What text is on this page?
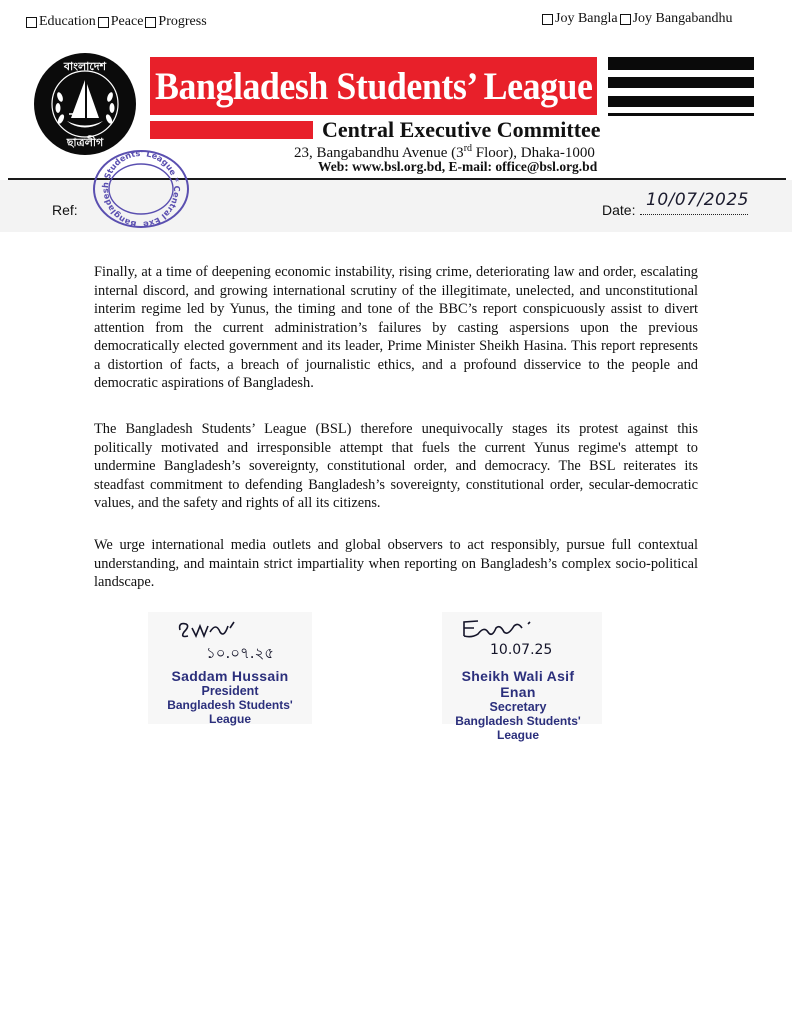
Education Peace Progress	Joy Bangla Joy Bangabandhu
বাংলাদেশ
ছাত্রলীগ
Bangladesh Students’ League
Central Executive Committee
23, Bangabandhu Avenue (3rd Floor), Dhaka-1000
Web: www.bsl.org.bd, E-mail: office@bsl.org.bd
Bangladesh Students' League * Central Exe
Ref:	Date: 10/07/2025

Finally, at a time of deepening economic instability, rising crime, deteriorating law and order, escalating internal discord, and growing international scrutiny of the illegitimate, unelected, and unconstitutional interim regime led by Yunus, the timing and tone of the BBC’s report conspicuously assist to divert attention from the current administration’s failures by casting aspersions upon the previous democratically elected government and its leader, Prime Minister Sheikh Hasina. This report represents a distortion of facts, a breach of journalistic ethics, and a profound disservice to the people and democratic aspirations of Bangladesh.

The Bangladesh Students’ League (BSL) therefore unequivocally stages its protest against this politically motivated and irresponsible attempt that fuels the current Yunus regime's attempt to undermine Bangladesh’s sovereignty, constitutional order, and democracy. The BSL reiterates its steadfast commitment to defending Bangladesh’s sovereignty, constitutional order, secular-democratic values, and the safety and rights of all its citizens.

We urge international media outlets and global observers to act responsibly, pursue full contextual understanding, and maintain strict impartiality when reporting on Bangladesh’s complex socio-political landscape.

১০.০৭.২৫
Saddam Hussain
President
Bangladesh Students' League
10.07.25
Sheikh Wali Asif Enan
Secretary
Bangladesh Students' League
